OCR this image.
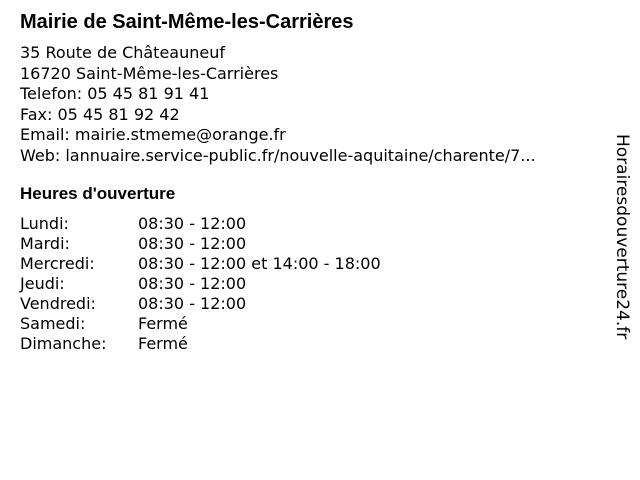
Mairie de Saint-Même-les-Carrières
35 Route de Châteauneuf
16720 Saint-Même-les-Carrières
Telefon: 05 45 81 91 41
Fax: 05 45 81 92 42
Email: mairie.stmeme@orange.fr
Web: lannuaire.service-public.fr/nouvelle-aquitaine/charente/7...
Heures d'ouverture
Lundi:	08:30 - 12:00
Mardi:	08:30 - 12:00
Mercredi:	08:30 - 12:00 et 14:00 - 18:00
Jeudi:	08:30 - 12:00
Vendredi:	08:30 - 12:00
Samedi:	Fermé
Dimanche: Fermé
Horairesdouverture24.fr
